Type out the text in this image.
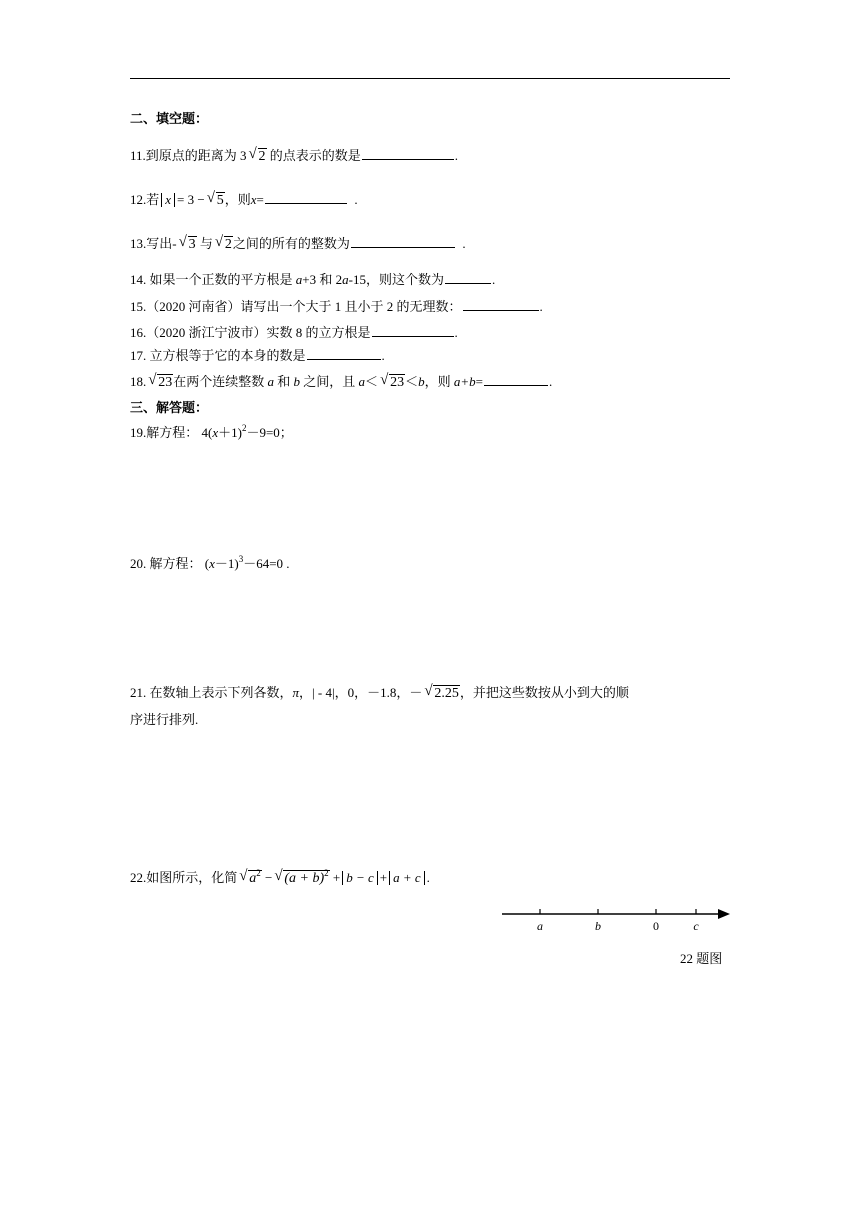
二、填空题：
11.到原点的距离为 3 √ 2 的点表示的数是	.
12.若 x = 3 − √ 5，则x=	.
13.写出- √ 3 与 √ 2之间的所有的整数为	.
14. 如果一个正数的平方根是 a+3 和 2a-15，则这个数为	.
15.（2020 河南省）请写出一个大于 1 且小于 2 的无理数：	.
16.（2020 浙江宁波市）实数 8 的立方根是	.
17. 立方根等于它的本身的数是	.
18. √ 23在两个连续整数 a 和 b 之间，且 a＜ √ 23＜b，则 a+b=	.
三、解答题：
19.解方程： $4(x+1)^2-9=0$；
20. 解方程： $(x-1)^3-64=0$ .
21. 在数轴上表示下列各数，π，| - 4|，0，－1.8，－ √ 2.25，并把这些数按从小到大的顺
序进行排列.
22.如图所示，化简 √ $a^2$ − √ $(a + b)^2 + b - c + a + c$ .
a	b	0	c
22 题图
